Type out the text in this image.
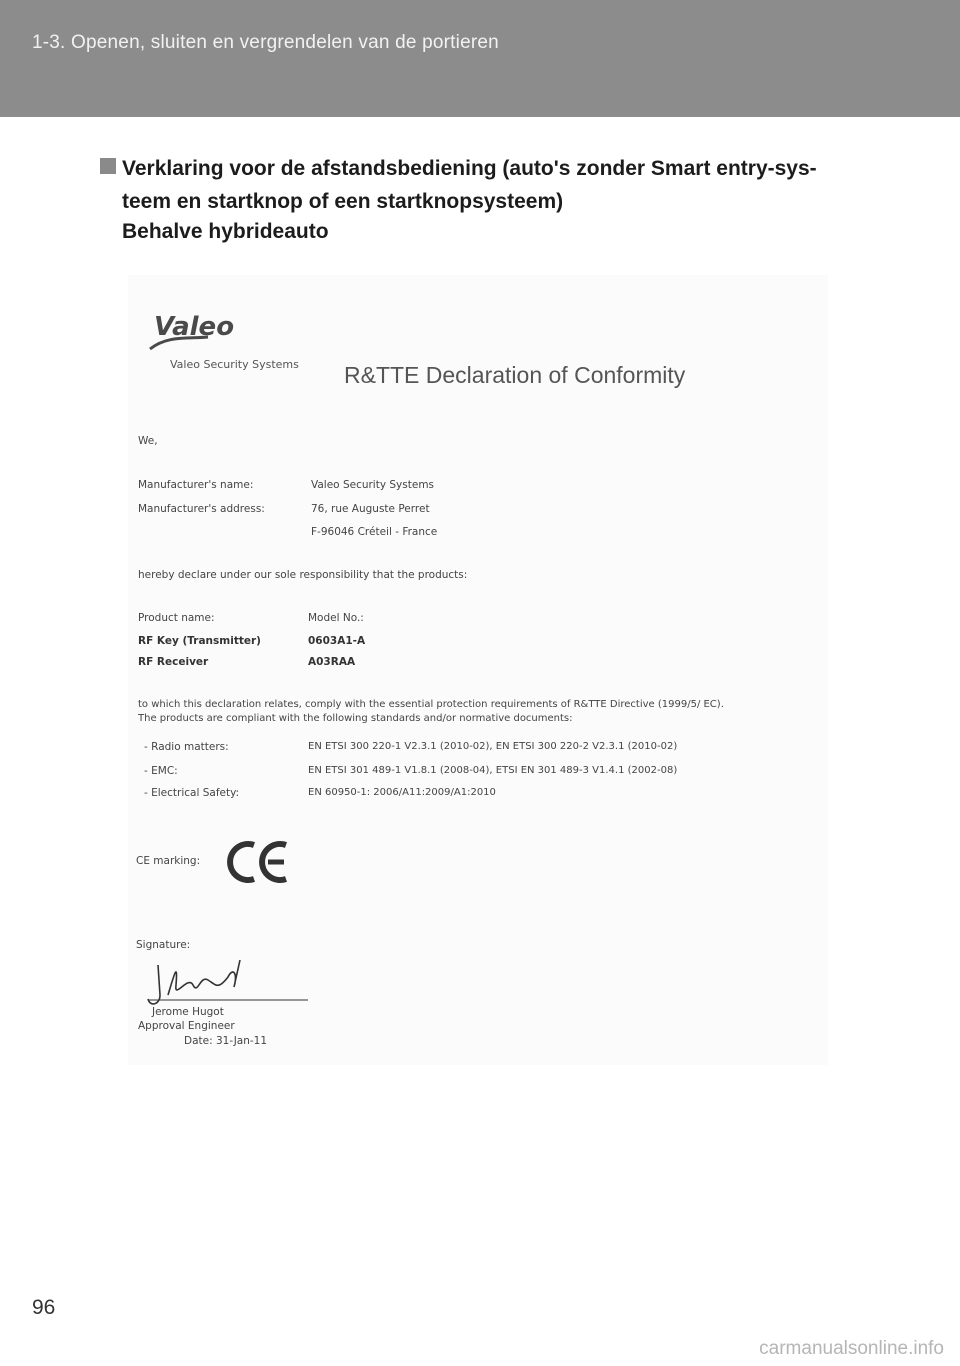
1-3. Openen, sluiten en vergrendelen van de portieren
Verklaring voor de afstandsbediening (auto's zonder Smart entry-sys-
teem en startknop of een startknopsysteem)
Behalve hybrideauto
Valeo
Valeo Security Systems R&TTE Declaration of Conformity
We,
Manufacturer's name:	Valeo Security Systems
Manufacturer's address:	76, rue Auguste Perret
F-96046 Créteil - France
hereby declare under our sole responsibility that the products:
Product name:	Model No.:
RF Key (Transmitter)	0603A1-A
RF Receiver	A03RAA
to which this declaration relates, comply with the essential protection requirements of R&TTE Directive (1999/5/ EC).
The products are compliant with the following standards and/or normative documents:
- Radio matters:	EN ETSI 300 220-1 V2.3.1 (2010-02), EN ETSI 300 220-2 V2.3.1 (2010-02)
- EMC:	EN ETSI 301 489-1 V1.8.1 (2008-04), ETSI EN 301 489-3 V1.4.1 (2002-08)
- Electrical Safety:	EN 60950-1: 2006/A11:2009/A1:2010
CE marking:
Signature:
Jerome Hugot
Approval Engineer
Date: 31-Jan-11
96
carmanualsonline.info
